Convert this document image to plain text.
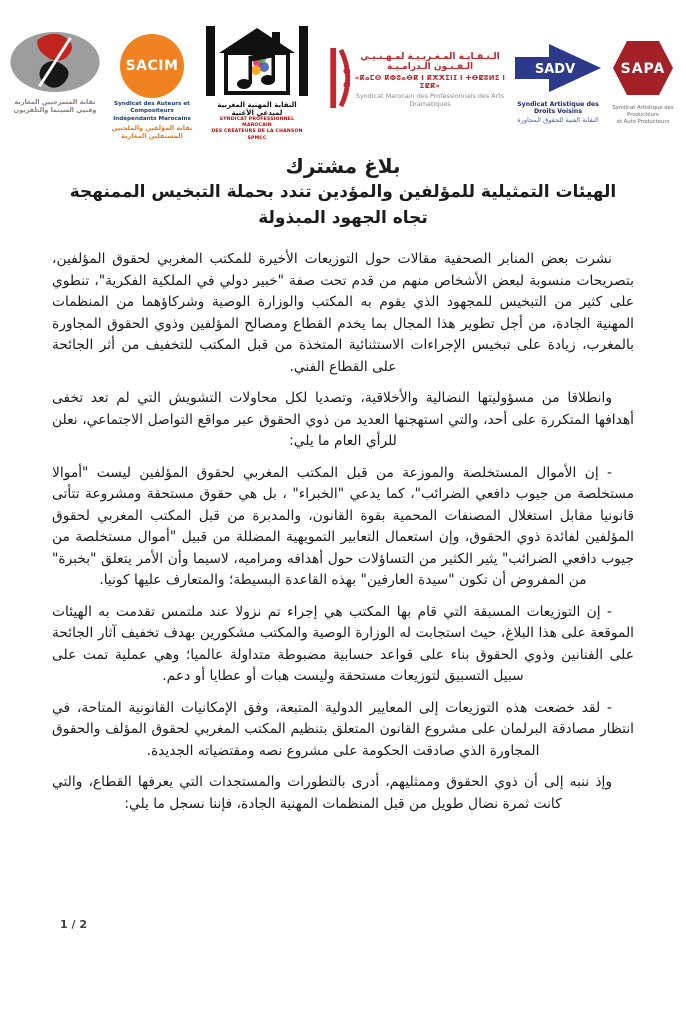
نقابة المسرحيين المغاربة
وفنيي السينما والتلفزيون
SACIM
Syndicat des Auteurs et Compositeurs
Indépendants Marocains
نقابة المؤلفين والملحنين المستقلين المغاربة
النقابة المهنية المغربية لمبدعي الأغنية
SYNDICAT PROFESSIONNEL MAROCAIN
DES CRÉATEURS DE LA CHANSON
SPMCC
الـنـقـابـة المـغـربـيـة لمـهـنـيـي الـفـنـون الـدرامـيـة
«ⴽⴰⵎⵙ ⴽⵀⵓⴰⴱⴽ ⵏ ⴽⵅⵅⵉⵏⵊ ⵏ ⵜⴱⵇⵓⵍⵉ ⵏ ⵉⵇⴽ»
Syndicat Marocain des Professionnels des Arts Dramatiques
SADV
Syndicat Artistique des Droits Voisins
النقابة الفنية للحقوق المجاورة
SAPA
Syndicat Artistique des Producteurs
et Auto Producteurs
بلاغ مشترك
الهيئات التمثيلية للمؤلفين والمؤدين تندد بحملة التبخيس الممنهجة
تجاه الجهود المبذولة

نشرت بعض المنابر الصحفية مقالات حول التوزيعات الأخيرة للمكتب المغربي لحقوق المؤلفين، بتصريحات منسوبة لبعض الأشخاص منهم من قدم تحت صفة "خبير دولي في الملكية الفكرية"، تنطوي على كثير من التبخيس للمجهود الذي يقوم به المكتب والوزارة الوصية وشركاؤهما من المنظمات المهنية الجادة، من أجل تطوير هذا المجال بما يخدم القطاع ومصالح المؤلفين وذوي الحقوق المجاورة بالمغرب، زيادة على تبخيس الإجراءات الاستثنائية المتخذة من قبل المكتب للتخفيف من أثر الجائحة على القطاع الفني.

وانطلاقا من مسؤوليتها النضالية والأخلاقية، وتصديا لكل محاولات التشويش التي لم تعد تخفى أهدافها المتكررة على أحد، والتي استهجنها العديد من ذوي الحقوق عبر مواقع التواصل الاجتماعي، نعلن للرأي العام ما يلي:

- إن الأموال المستخلصة والموزعة من قبل المكتب المغربي لحقوق المؤلفين ليست "أموالا مستخلصة من جيوب دافعي الضرائب"، كما يدعي "الخبراء" ، بل هي حقوق مستحقة ومشروعة تتأتى قانونيا مقابل استغلال المصنفات المحمية بقوة القانون، والمدبرة من قبل المكتب المغربي لحقوق المؤلفين لفائدة ذوي الحقوق، وإن استعمال التعابير التمويهية المضللة من قبيل "أموال مستخلصة من جيوب دافعي الضرائب" يثير الكثير من التساؤلات حول أهدافه ومراميه، لاسيما وأن الأمر يتعلق "بخبرة" من المفروض أن تكون "سيدة العارفين" بهذه القاعدة البسيطة؛ والمتعارف عليها كونيا.

- إن التوزيعات المسبقة التي قام بها المكتب هي إجراء تم نزولا عند ملتمس تقدمت به الهيئات الموقعة على هذا البلاغ، حيث استجابت له الوزارة الوصية والمكتب مشكورين بهدف تخفيف آثار الجائحة على الفنانين وذوي الحقوق بناء على قواعد حسابية مضبوطة متداولة عالميا؛ وهي عملية تمت على سبيل التسبيق لتوزيعات مستحقة وليست هبات أو عطايا أو دعم.

- لقد خضعت هذه التوزيعات إلى المعايير الدولية المتبعة، وفق الإمكانيات القانونية المتاحة، في انتظار مصادقة البرلمان على مشروع القانون المتعلق بتنظيم المكتب المغربي لحقوق المؤلف والحقوق المجاورة الذي صادقت الحكومة على مشروع نصه ومقتضياته الجديدة.

وإذ ننبه إلى أن ذوي الحقوق وممثليهم، أدرى بالتطورات والمستجدات التي يعرفها القطاع، والتي كانت ثمرة نضال طويل من قبل المنظمات المهنية الجادة، فإننا نسجل ما يلي:

1 / 2
